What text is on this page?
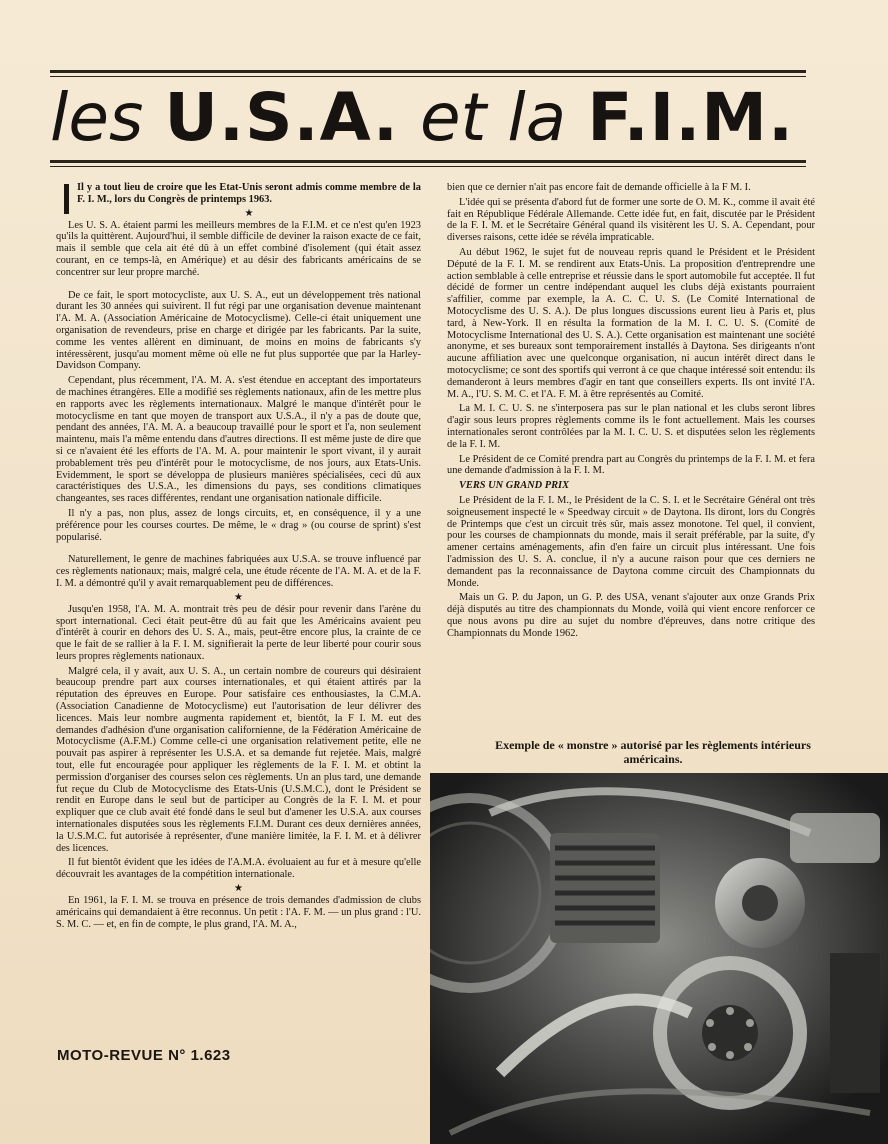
les U.S.A. et la F.I.M.

Il y a tout lieu de croire que les Etat-Unis seront admis comme membre de la F. I. M., lors du Congrès de printemps 1963.

★

Les U. S. A. étaient parmi les meilleurs membres de la F.I.M. et ce n'est qu'en 1923 qu'ils la quittèrent. Aujourd'hui, il semble difficile de deviner la raison exacte de ce fait, mais il semble que cela ait été dû à un effet combiné d'isolement (qui était assez courant, en ce temps-là, en Amérique) et au désir des fabricants américains de se concentrer sur leur propre marché.

De ce fait, le sport motocycliste, aux U. S. A., eut un développement très national durant les 30 années qui suivirent. Il fut régi par une organisation devenue maintenant l'A. M. A. (Association Américaine de Motocyclisme). Celle-ci était uniquement une organisation de revendeurs, prise en charge et dirigée par les fabricants. Par la suite, comme les ventes allèrent en diminuant, de moins en moins de fabricants s'y intéressèrent, jusqu'au moment même où elle ne fut plus supportée que par la Harley-Davidson Company.

Cependant, plus récemment, l'A. M. A. s'est étendue en acceptant des importateurs de machines étrangères. Elle a modifié ses règlements nationaux, afin de les mettre plus en rapports avec les règlements internationaux. Malgré le manque d'intérêt pour le motocyclisme en tant que moyen de transport aux U.S.A., il n'y a pas de doute que, pendant des années, l'A. M. A. a beaucoup travaillé pour le sport et l'a, non seulement maintenu, mais l'a même entendu dans d'autres directions. Il est même juste de dire que si ce n'avaient été les efforts de l'A. M. A. pour maintenir le sport vivant, il y aurait probablement très peu d'intérêt pour le motocyclisme, de nos jours, aux Etats-Unis. Evidemment, le sport se développa de plusieurs manières spécialisées, ceci dû aux caractéristiques des U.S.A., les dimensions du pays, ses conditions climatiques changeantes, ses races différentes, rendant une organisation nationale difficile.

Il n'y a pas, non plus, assez de longs circuits, et, en conséquence, il y a une préférence pour les courses courtes. De même, le « drag » (ou course de sprint) s'est popularisé.

Naturellement, le genre de machines fabriquées aux U.S.A. se trouve influencé par ces règlements nationaux; mais, malgré cela, une étude récente de l'A. M. A. et de la F. I. M. a démontré qu'il y avait remarquablement peu de différences.

★

Jusqu'en 1958, l'A. M. A. montrait très peu de désir pour revenir dans l'arène du sport international. Ceci était peut-être dû au fait que les Américains avaient peu d'intérêt à courir en dehors des U. S. A., mais, peut-être encore plus, la crainte de ce que le fait de se rallier à la F. I. M. signifierait la perte de leur liberté pour courir sous leurs propres règlements nationaux.

Malgré cela, il y avait, aux U. S. A., un certain nombre de coureurs qui désiraient beaucoup prendre part aux courses internationales, et qui étaient attirés par la réputation des épreuves en Europe. Pour satisfaire ces enthousiastes, la C.M.A. (Association Canadienne de Motocyclisme) eut l'autorisation de leur délivrer des licences. Mais leur nombre augmenta rapidement et, bientôt, la F I. M. eut des demandes d'adhésion d'une organisation californienne, de la Fédération Américaine de Motocyclisme (A.F.M.) Comme celle-ci une organisation relativement petite, elle ne pouvait pas aspirer à représenter les U.S.A. et sa demande fut rejetée. Mais, malgré tout, elle fut encouragée pour appliquer les règlements de la F. I. M. et obtint la permission d'organiser des courses selon ces règlements. Un an plus tard, une demande fut reçue du Club de Motocyclisme des Etats-Unis (U.S.M.C.), dont le Président se rendit en Europe dans le seul but de participer au Congrès de la F. I. M. et pour expliquer que ce club avait été fondé dans le seul but d'amener les U.S.A. aux courses internationales disputées sous les règlements F.I.M. Durant ces deux dernières années, la U.S.M.C. fut autorisée à représenter, d'une manière limitée, la F. I. M. et à délivrer des licences.

Il fut bientôt évident que les idées de l'A.M.A. évoluaient au fur et à mesure qu'elle découvrait les avantages de la compétition internationale.

★

En 1961, la F. I. M. se trouva en présence de trois demandes d'admission de clubs américains qui demandaient à être reconnus. Un petit : l'A. F. M. — un plus grand : l'U. S. M. C. — et, en fin de compte, le plus grand, l'A. M. A.,

bien que ce dernier n'ait pas encore fait de demande officielle à la F M. I.

L'idée qui se présenta d'abord fut de former une sorte de O. M. K., comme il avait été fait en République Fédérale Allemande. Cette idée fut, en fait, discutée par le Président de la F. I. M. et le Secrétaire Général quand ils visitèrent les U. S. A. Cependant, pour diverses raisons, cette idée se révéla impraticable.

Au début 1962, le sujet fut de nouveau repris quand le Président et le Président Député de la F. I. M. se rendirent aux Etats-Unis. La proposition d'entreprendre une action semblable à celle entreprise et réussie dans le sport automobile fut acceptée. Il fut décidé de former un centre indépendant auquel les clubs déjà existants pourraient s'affilier, comme par exemple, la A. C. C. U. S. (Le Comité International de Motocyclisme des U. S. A.). De plus longues discussions eurent lieu à Paris et, plus tard, à New-York. Il en résulta la formation de la M. I. C. U. S. (Comité de Motocyclisme International des U. S. A.). Cette organisation est maintenant une société anonyme, et ses bureaux sont temporairement installés à Daytona. Ses dirigeants n'ont aucune affiliation avec une quelconque organisation, ni aucun intérêt direct dans le motocyclisme; ce sont des sportifs qui verront à ce que chaque intéressé soit entendu: ils demanderont à leurs membres d'agir en tant que conseillers experts. Ils ont invité l'A. M. A., l'U. S. M. C. et l'A. F. M. à être représentés au Comité.

La M. I. C. U. S. ne s'interposera pas sur le plan national et les clubs seront libres d'agir sous leurs propres règlements comme ils le font actuellement. Mais les courses internationales seront contrôlées par la M. I. C. U. S. et disputées selon les règlements de la F. I. M.

Le Président de ce Comité prendra part au Congrès du printemps de la F. I. M. et fera une demande d'admission à la F. I. M.

VERS UN GRAND PRIX

Le Président de la F. I. M., le Président de la C. S. I. et le Secrétaire Général ont très soigneusement inspecté le « Speedway circuit » de Daytona. Ils diront, lors du Congrès de Printemps que c'est un circuit très sûr, mais assez monotone. Tel quel, il convient, pour les courses de championnats du monde, mais il serait préférable, par la suite, d'y amener certains aménagements, afin d'en faire un circuit plus intéressant. Une fois l'admission des U. S. A. conclue, il n'y a aucune raison pour que ces derniers ne demandent pas la reconnaissance de Daytona comme circuit des Championnats du Monde.

Mais un G. P. du Japon, un G. P. des USA, venant s'ajouter aux onze Grands Prix déjà disputés au titre des championnats du Monde, voilà qui vient encore renforcer ce que nous avons pu dire au sujet du nombre d'épreuves, dans notre critique des Championnats du Monde 1962.

Exemple de « monstre » autorisé par les règlements intérieurs américains.
MOTO-REVUE N° 1.623
